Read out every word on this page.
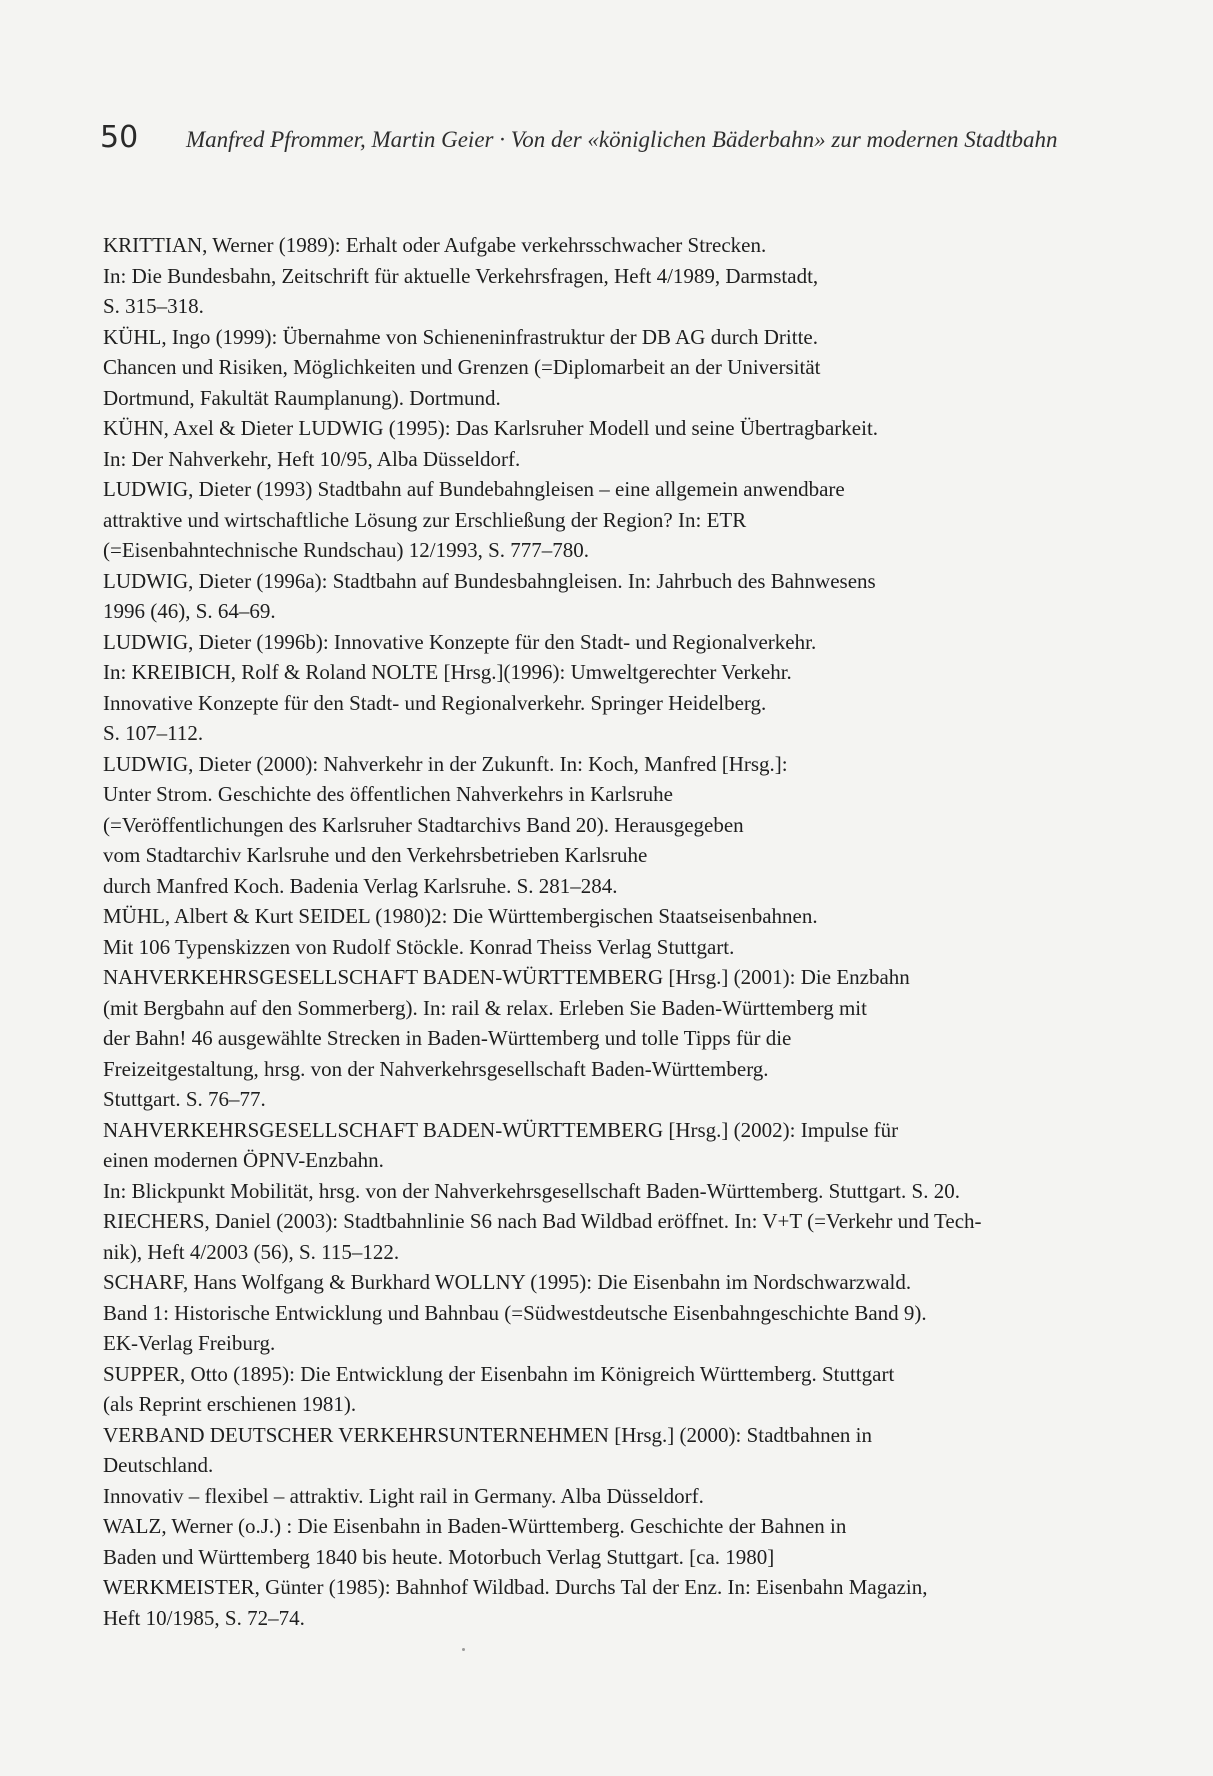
50 Manfred Pfrommer, Martin Geier · Von der «königlichen Bäderbahn» zur modernen Stadtbahn
KRITTIAN, Werner (1989): Erhalt oder Aufgabe verkehrsschwacher Strecken.
In: Die Bundesbahn, Zeitschrift für aktuelle Verkehrsfragen, Heft 4/1989, Darmstadt,
S. 315–318.
KÜHL, Ingo (1999): Übernahme von Schieneninfrastruktur der DB AG durch Dritte.
Chancen und Risiken, Möglichkeiten und Grenzen (=Diplomarbeit an der Universität
Dortmund, Fakultät Raumplanung). Dortmund.
KÜHN, Axel & Dieter LUDWIG (1995): Das Karlsruher Modell und seine Übertragbarkeit.
In: Der Nahverkehr, Heft 10/95, Alba Düsseldorf.
LUDWIG, Dieter (1993) Stadtbahn auf Bundebahngleisen – eine allgemein anwendbare
attraktive und wirtschaftliche Lösung zur Erschließung der Region? In: ETR
(=Eisenbahntechnische Rundschau) 12/1993, S. 777–780.
LUDWIG, Dieter (1996a): Stadtbahn auf Bundesbahngleisen. In: Jahrbuch des Bahnwesens
1996 (46), S. 64–69.
LUDWIG, Dieter (1996b): Innovative Konzepte für den Stadt- und Regionalverkehr.
In: KREIBICH, Rolf & Roland NOLTE [Hrsg.](1996): Umweltgerechter Verkehr.
Innovative Konzepte für den Stadt- und Regionalverkehr. Springer Heidelberg.
S. 107–112.
LUDWIG, Dieter (2000): Nahverkehr in der Zukunft. In: Koch, Manfred [Hrsg.]:
Unter Strom. Geschichte des öffentlichen Nahverkehrs in Karlsruhe
(=Veröffentlichungen des Karlsruher Stadtarchivs Band 20). Herausgegeben
vom Stadtarchiv Karlsruhe und den Verkehrsbetrieben Karlsruhe
durch Manfred Koch. Badenia Verlag Karlsruhe. S. 281–284.
MÜHL, Albert & Kurt SEIDEL (1980)2: Die Württembergischen Staatseisenbahnen.
Mit 106 Typenskizzen von Rudolf Stöckle. Konrad Theiss Verlag Stuttgart.
NAHVERKEHRSGESELLSCHAFT BADEN-WÜRTTEMBERG [Hrsg.] (2001): Die Enzbahn
(mit Bergbahn auf den Sommerberg). In: rail & relax. Erleben Sie Baden-Württemberg mit
der Bahn! 46 ausgewählte Strecken in Baden-Württemberg und tolle Tipps für die
Freizeitgestaltung, hrsg. von der Nahverkehrsgesellschaft Baden-Württemberg.
Stuttgart. S. 76–77.
NAHVERKEHRSGESELLSCHAFT BADEN-WÜRTTEMBERG [Hrsg.] (2002): Impulse für
einen modernen ÖPNV-Enzbahn.
In: Blickpunkt Mobilität, hrsg. von der Nahverkehrsgesellschaft Baden-Württemberg. Stuttgart. S. 20.
RIECHERS, Daniel (2003): Stadtbahnlinie S6 nach Bad Wildbad eröffnet. In: V+T (=Verkehr und Tech-
nik), Heft 4/2003 (56), S. 115–122.
SCHARF, Hans Wolfgang & Burkhard WOLLNY (1995): Die Eisenbahn im Nordschwarzwald.
Band 1: Historische Entwicklung und Bahnbau (=Südwestdeutsche Eisenbahngeschichte Band 9).
EK-Verlag Freiburg.
SUPPER, Otto (1895): Die Entwicklung der Eisenbahn im Königreich Württemberg. Stuttgart
(als Reprint erschienen 1981).
VERBAND DEUTSCHER VERKEHRSUNTERNEHMEN [Hrsg.] (2000): Stadtbahnen in
Deutschland.
Innovativ – flexibel – attraktiv. Light rail in Germany. Alba Düsseldorf.
WALZ, Werner (o.J.) : Die Eisenbahn in Baden-Württemberg. Geschichte der Bahnen in
Baden und Württemberg 1840 bis heute. Motorbuch Verlag Stuttgart. [ca. 1980]
WERKMEISTER, Günter (1985): Bahnhof Wildbad. Durchs Tal der Enz. In: Eisenbahn Magazin,
Heft 10/1985, S. 72–74.
